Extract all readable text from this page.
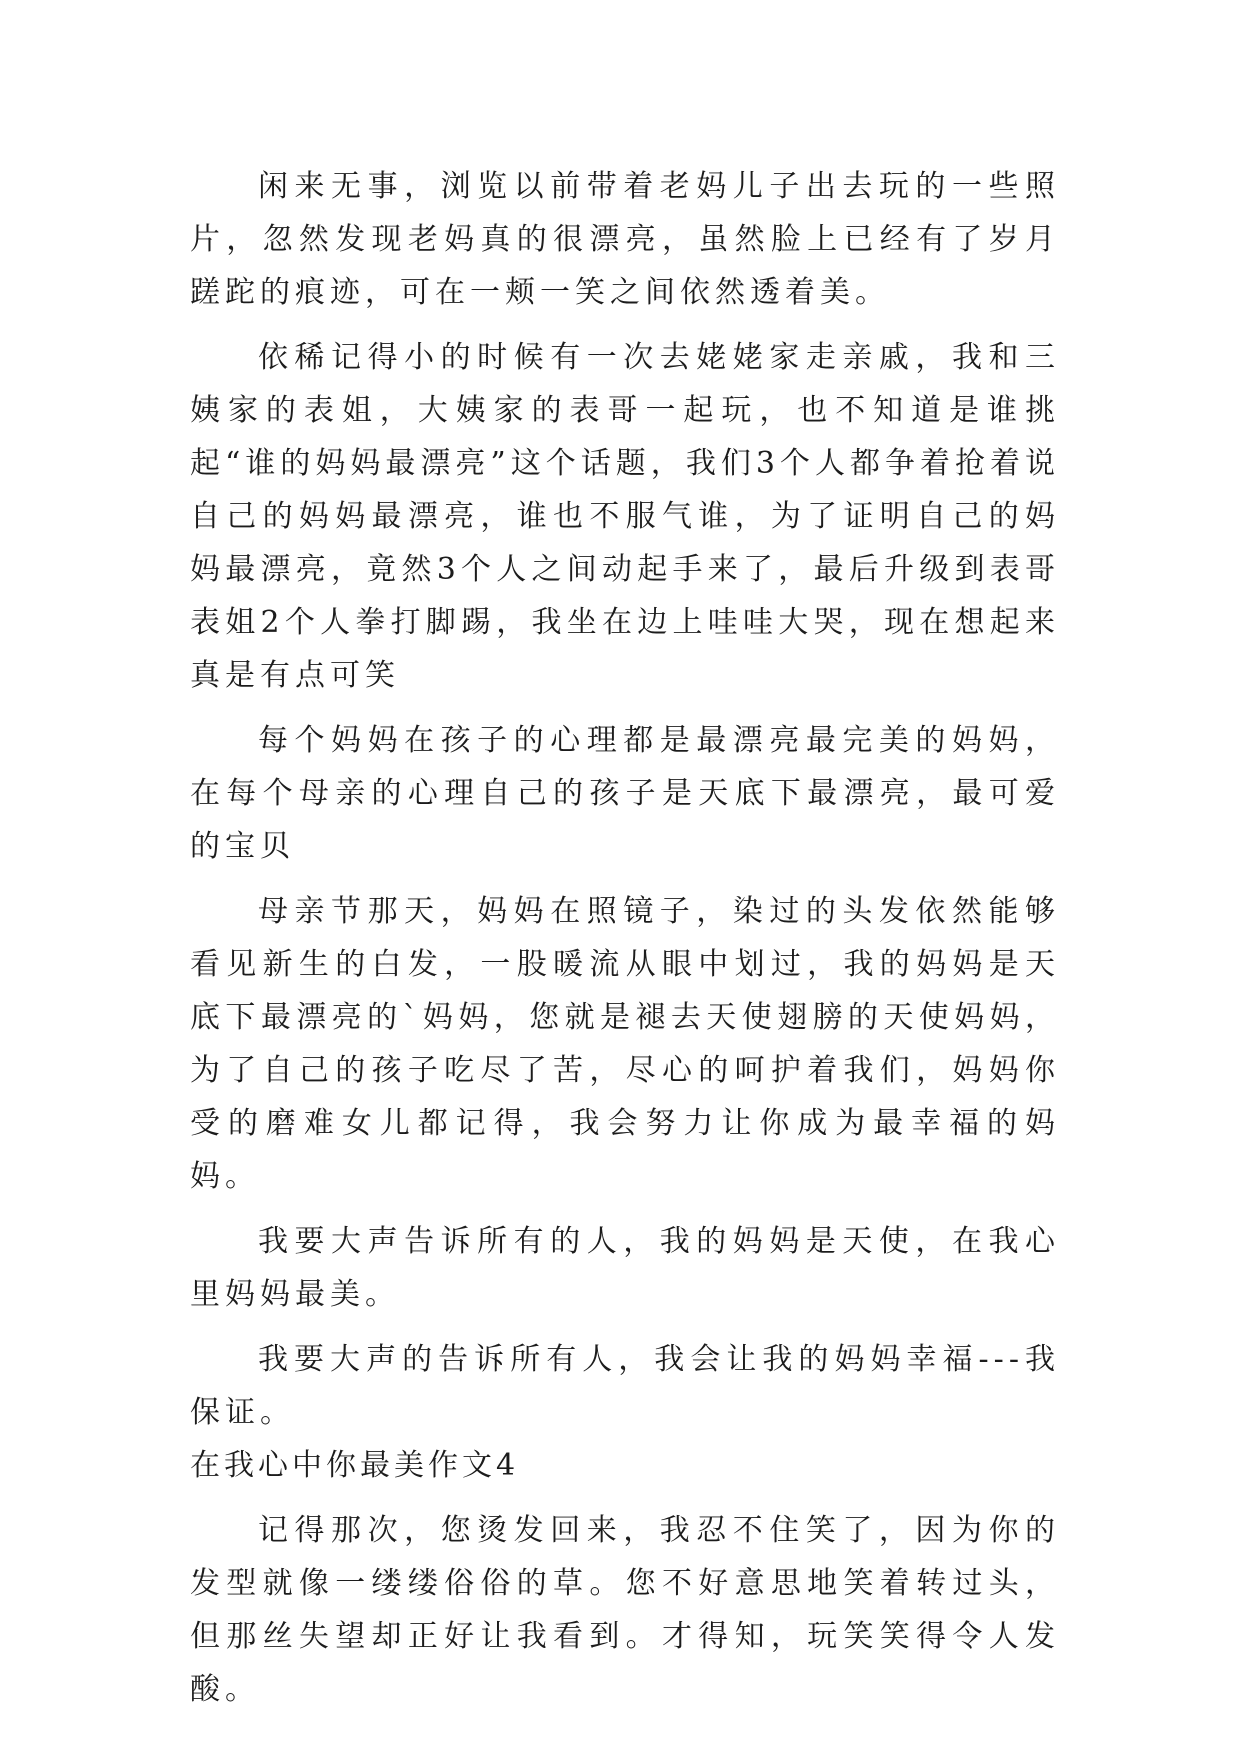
闲来无事，浏览以前带着老妈儿子出去玩的一些照片，忽然发现老妈真的很漂亮，虽然脸上已经有了岁月蹉跎的痕迹，可在一颊一笑之间依然透着美。

依稀记得小的时候有一次去姥姥家走亲戚，我和三姨家的表姐，大姨家的表哥一起玩，也不知道是谁挑起“谁的妈妈最漂亮”这个话题，我们3个人都争着抢着说自己的妈妈最漂亮，谁也不服气谁，为了证明自己的妈妈最漂亮，竟然3个人之间动起手来了，最后升级到表哥表姐2个人拳打脚踢，我坐在边上哇哇大哭，现在想起来真是有点可笑

每个妈妈在孩子的心理都是最漂亮最完美的妈妈，在每个母亲的心理自己的孩子是天底下最漂亮，最可爱的宝贝

母亲节那天，妈妈在照镜子，染过的头发依然能够看见新生的白发，一股暖流从眼中划过，我的妈妈是天底下最漂亮的`妈妈，您就是褪去天使翅膀的天使妈妈，为了自己的孩子吃尽了苦，尽心的呵护着我们，妈妈你受的磨难女儿都记得，我会努力让你成为最幸福的妈妈。

我要大声告诉所有的人，我的妈妈是天使，在我心里妈妈最美。

我要大声的告诉所有人，我会让我的妈妈幸福---我保证。

在我心中你最美作文4

记得那次，您烫发回来，我忍不住笑了，因为你的发型就像一缕缕俗俗的草。您不好意思地笑着转过头，但那丝失望却正好让我看到。才得知，玩笑笑得令人发酸。
